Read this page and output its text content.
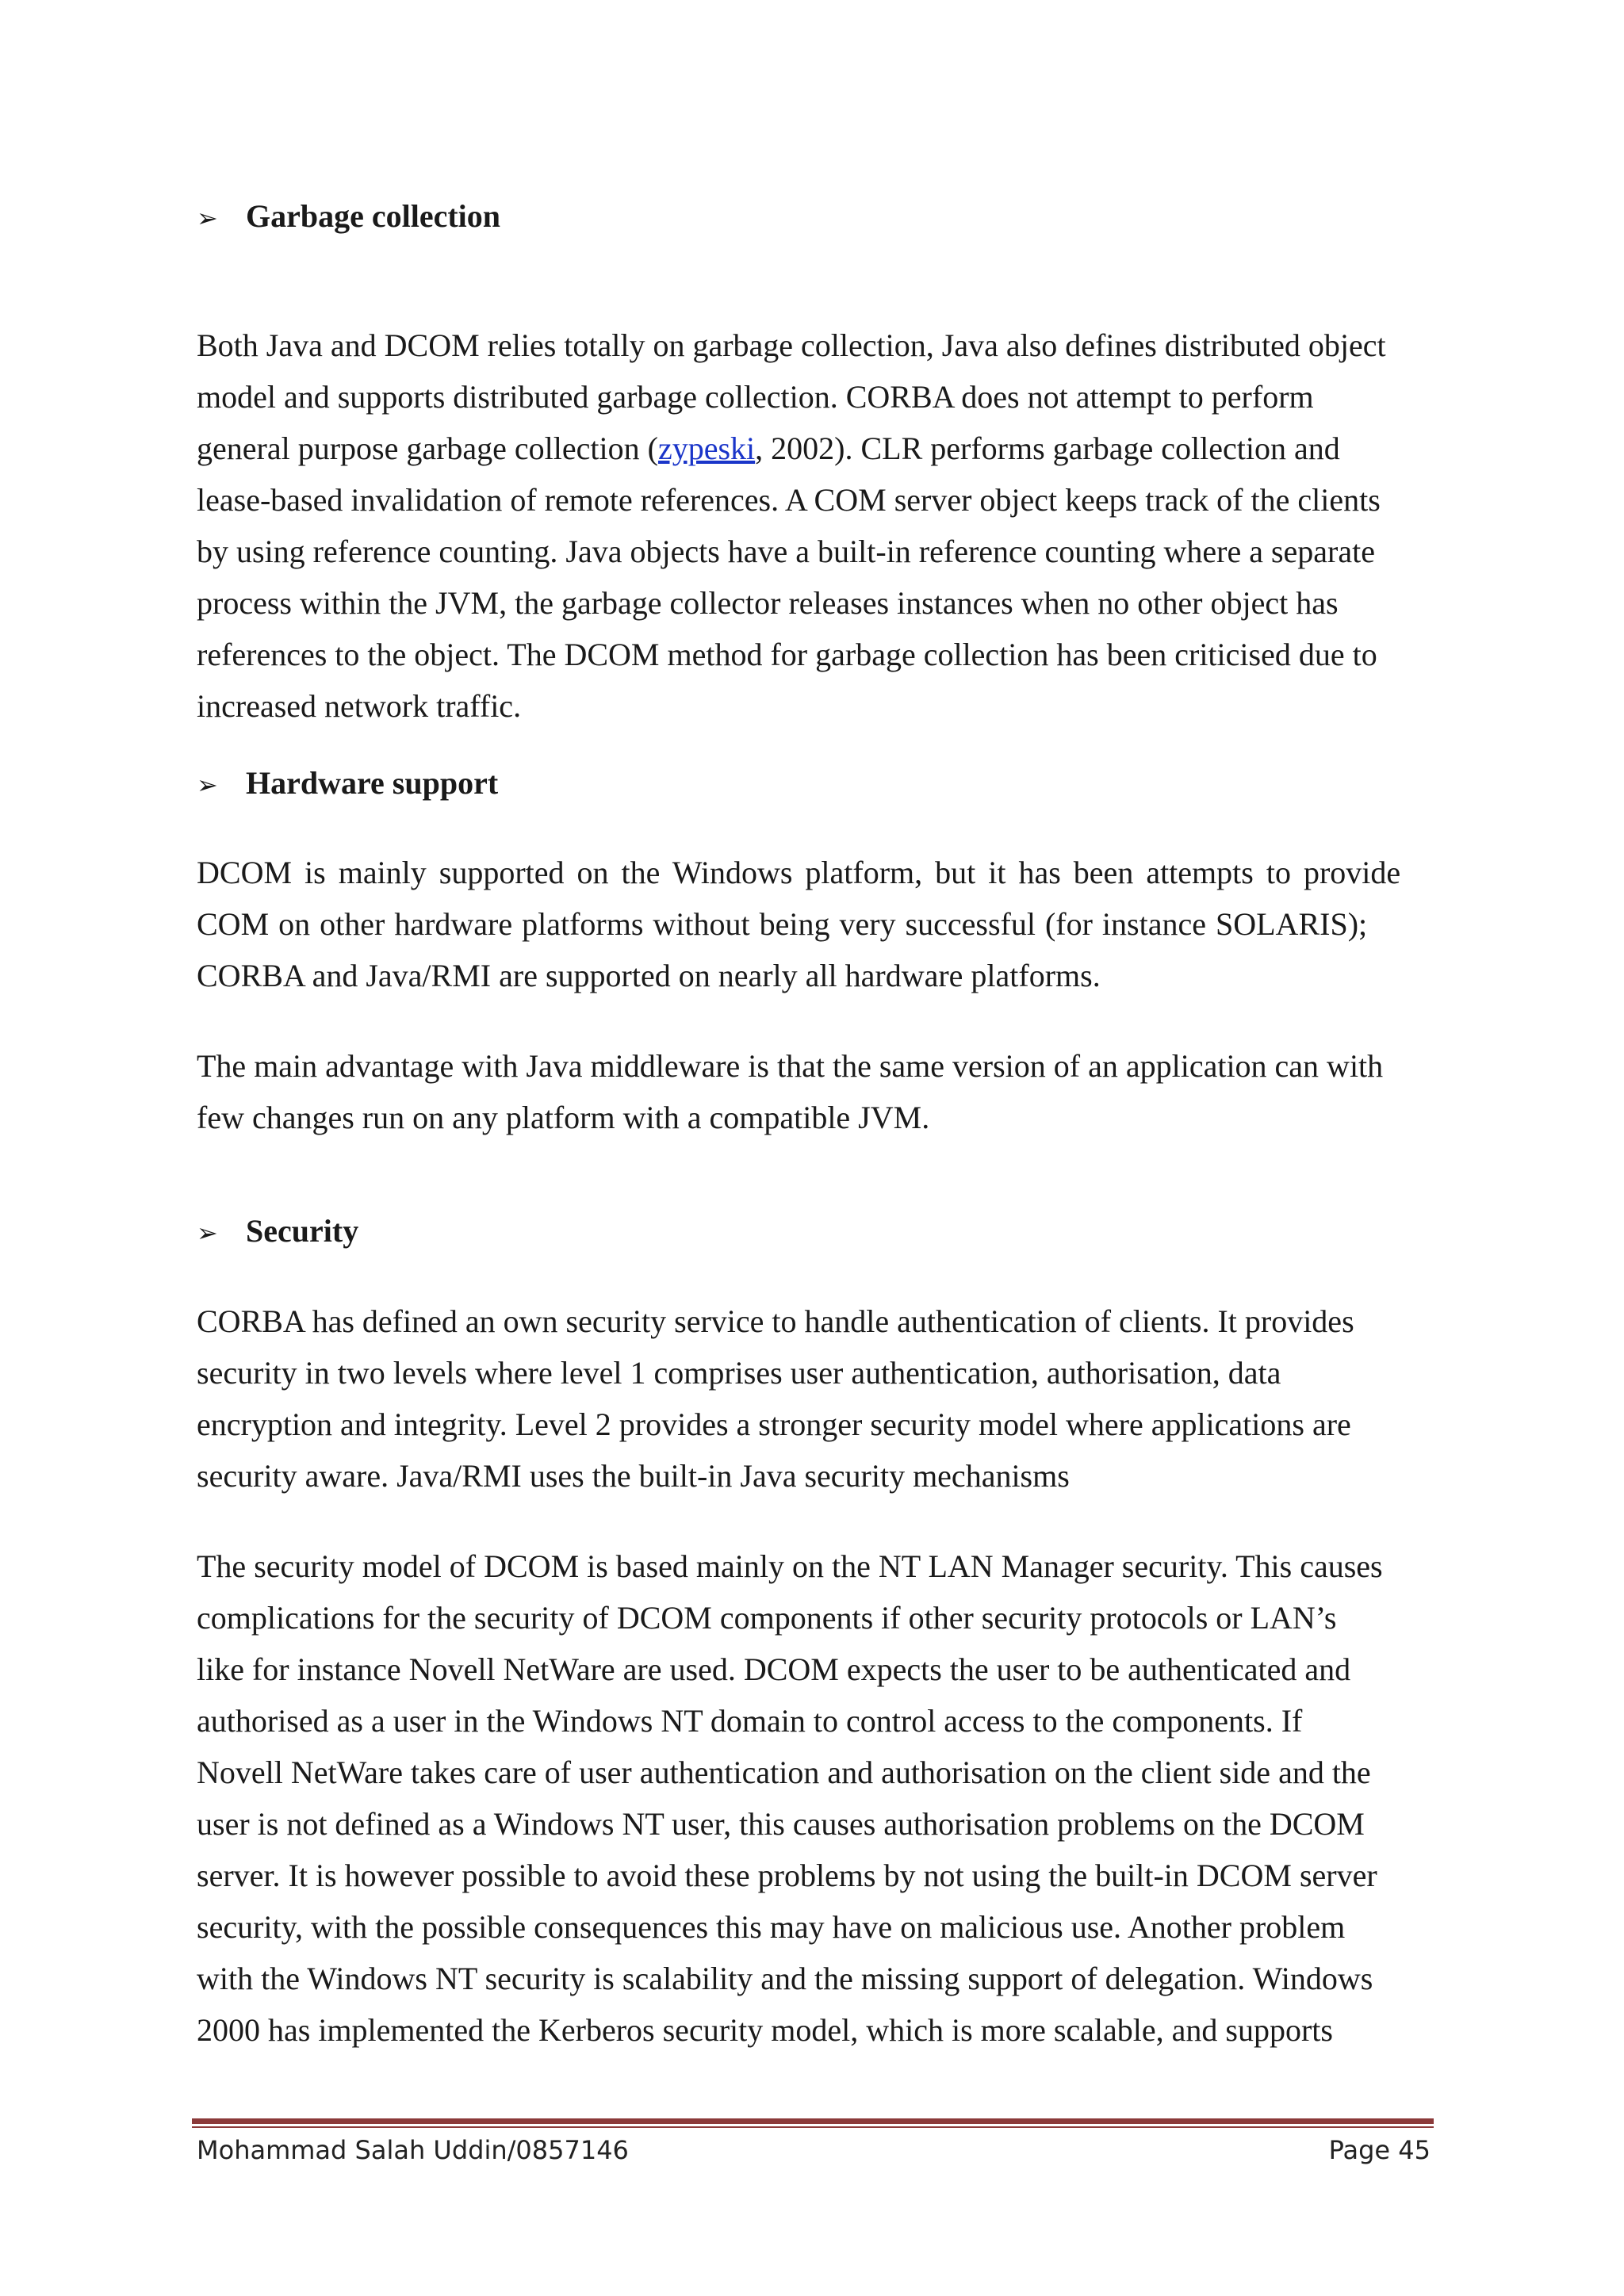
➢ Garbage collection

Both Java and DCOM relies totally on garbage collection, Java also defines distributed object
model and supports distributed garbage collection. CORBA does not attempt to perform
general purpose garbage collection (zypeski, 2002). CLR performs garbage collection and
lease-based invalidation of remote references. A COM server object keeps track of the clients
by using reference counting. Java objects have a built-in reference counting where a separate
process within the JVM, the garbage collector releases instances when no other object has
references to the object. The DCOM method for garbage collection has been criticised due to
increased network traffic.

➢ Hardware support

DCOM is mainly supported on the Windows platform, but it has been attempts to provide
COM on other hardware platforms without being very successful (for instance SOLARIS);
CORBA and Java/RMI are supported on nearly all hardware platforms.

The main advantage with Java middleware is that the same version of an application can with
few changes run on any platform with a compatible JVM.

➢ Security

CORBA has defined an own security service to handle authentication of clients. It provides
security in two levels where level 1 comprises user authentication, authorisation, data
encryption and integrity. Level 2 provides a stronger security model where applications are
security aware. Java/RMI uses the built-in Java security mechanisms

The security model of DCOM is based mainly on the NT LAN Manager security. This causes
complications for the security of DCOM components if other security protocols or LAN’s
like for instance Novell NetWare are used. DCOM expects the user to be authenticated and
authorised as a user in the Windows NT domain to control access to the components. If
Novell NetWare takes care of user authentication and authorisation on the client side and the
user is not defined as a Windows NT user, this causes authorisation problems on the DCOM
server. It is however possible to avoid these problems by not using the built-in DCOM server
security, with the possible consequences this may have on malicious use. Another problem
with the Windows NT security is scalability and the missing support of delegation. Windows
2000 has implemented the Kerberos security model, which is more scalable, and supports

Mohammad Salah Uddin/0857146	Page 45
